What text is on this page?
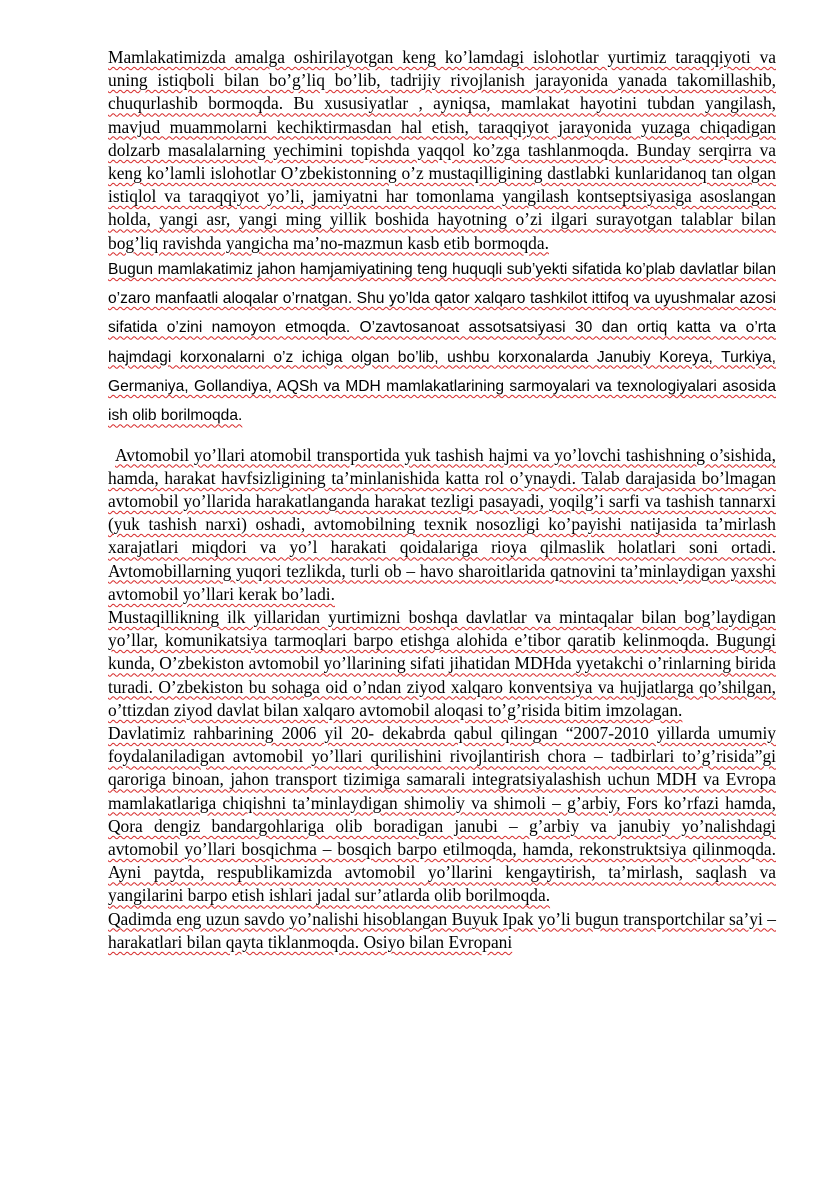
Mamlakatimizda amalga oshirilayotgan keng ko’lamdagi islohotlar yurtimiz taraqqiyoti va uning istiqboli bilan bo’g’liq bo’lib, tadrijiy rivojlanish jarayonida yanada takomillashib, chuqurlashib bormoqda. Bu xususiyatlar , ayniqsa, mamlakat hayotini tubdan yangilash, mavjud muammolarni kechiktirmasdan hal etish, taraqqiyot jarayonida yuzaga chiqadigan dolzarb masalalarning yechimini topishda yaqqol ko’zga tashlanmoqda. Bunday serqirra va keng ko’lamli islohotlar O’zbekistonning o’z mustaqilligining dastlabki kunlaridanoq tan olgan istiqlol va taraqqiyot yo’li, jamiyatni har tomonlama yangilash kontseptsiyasiga asoslangan holda, yangi asr, yangi ming yillik boshida hayotning o’zi ilgari surayotgan talablar bilan bog’liq ravishda yangicha ma’no-mazmun kasb etib bormoqda.

Bugun mamlakatimiz jahon hamjamiyatining teng huquqli sub’yekti sifatida ko’plab davlatlar bilan o’zaro manfaatli aloqalar o’rnatgan. Shu yo’lda qator xalqaro tashkilot ittifoq va uyushmalar azosi sifatida o’zini namoyon etmoqda. O’zavtosanoat assotsatsiyasi 30 dan ortiq katta va o’rta hajmdagi korxonalarni o’z ichiga olgan bo’lib, ushbu korxonalarda Janubiy Koreya, Turkiya, Germaniya, Gollandiya, AQSh va MDH mamlakatlarining sarmoyalari va texnologiyalari asosida ish olib borilmoqda.

Avtomobil yo’llari atomobil transportida yuk tashish hajmi va yo’lovchi tashishning o’sishida, hamda, harakat havfsizligining ta’minlanishida katta rol o’ynaydi. Talab darajasida bo’lmagan avtomobil yo’llarida harakatlanganda harakat tezligi pasayadi, yoqilg’i sarfi va tashish tannarxi (yuk tashish narxi) oshadi, avtomobilning texnik nosozligi ko’payishi natijasida ta’mirlash xarajatlari miqdori va yo’l harakati qoidalariga rioya qilmaslik holatlari soni ortadi. Avtomobillarning yuqori tezlikda, turli ob – havo sharoitlarida qatnovini ta’minlaydigan yaxshi avtomobil yo’llari kerak bo’ladi.

Mustaqillikning ilk yillaridan yurtimizni boshqa davlatlar va mintaqalar bilan bog’laydigan yo’llar, komunikatsiya tarmoqlari barpo etishga alohida e’tibor qaratib kelinmoqda. Bugungi kunda, O’zbekiston avtomobil yo’llarining sifati jihatidan MDHda yyetakchi o’rinlarning birida turadi. O’zbekiston bu sohaga oid o’ndan ziyod xalqaro konventsiya va hujjatlarga qo’shilgan, o’ttizdan ziyod davlat bilan xalqaro avtomobil aloqasi to’g’risida bitim imzolagan.

Davlatimiz rahbarining 2006 yil 20- dekabrda qabul qilingan “2007-2010 yillarda umumiy foydalaniladigan avtomobil yo’llari qurilishini rivojlantirish chora – tadbirlari to’g’risida”gi qaroriga binoan, jahon transport tizimiga samarali integratsiyalashish uchun MDH va Evropa mamlakatlariga chiqishni ta’minlaydigan shimoliy va shimoli – g’arbiy, Fors ko’rfazi hamda, Qora dengiz bandargohlariga olib boradigan janubi – g’arbiy va janubiy yo’nalishdagi avtomobil yo’llari bosqichma – bosqich barpo etilmoqda, hamda, rekonstruktsiya qilinmoqda. Ayni paytda, respublikamizda avtomobil yo’llarini kengaytirish, ta’mirlash, saqlash va yangilarini barpo etish ishlari jadal sur’atlarda olib borilmoqda.

Qadimda eng uzun savdo yo’nalishi hisoblangan Buyuk Ipak yo’li bugun transportchilar sa’yi – harakatlari bilan qayta tiklanmoqda. Osiyo bilan Evropani
